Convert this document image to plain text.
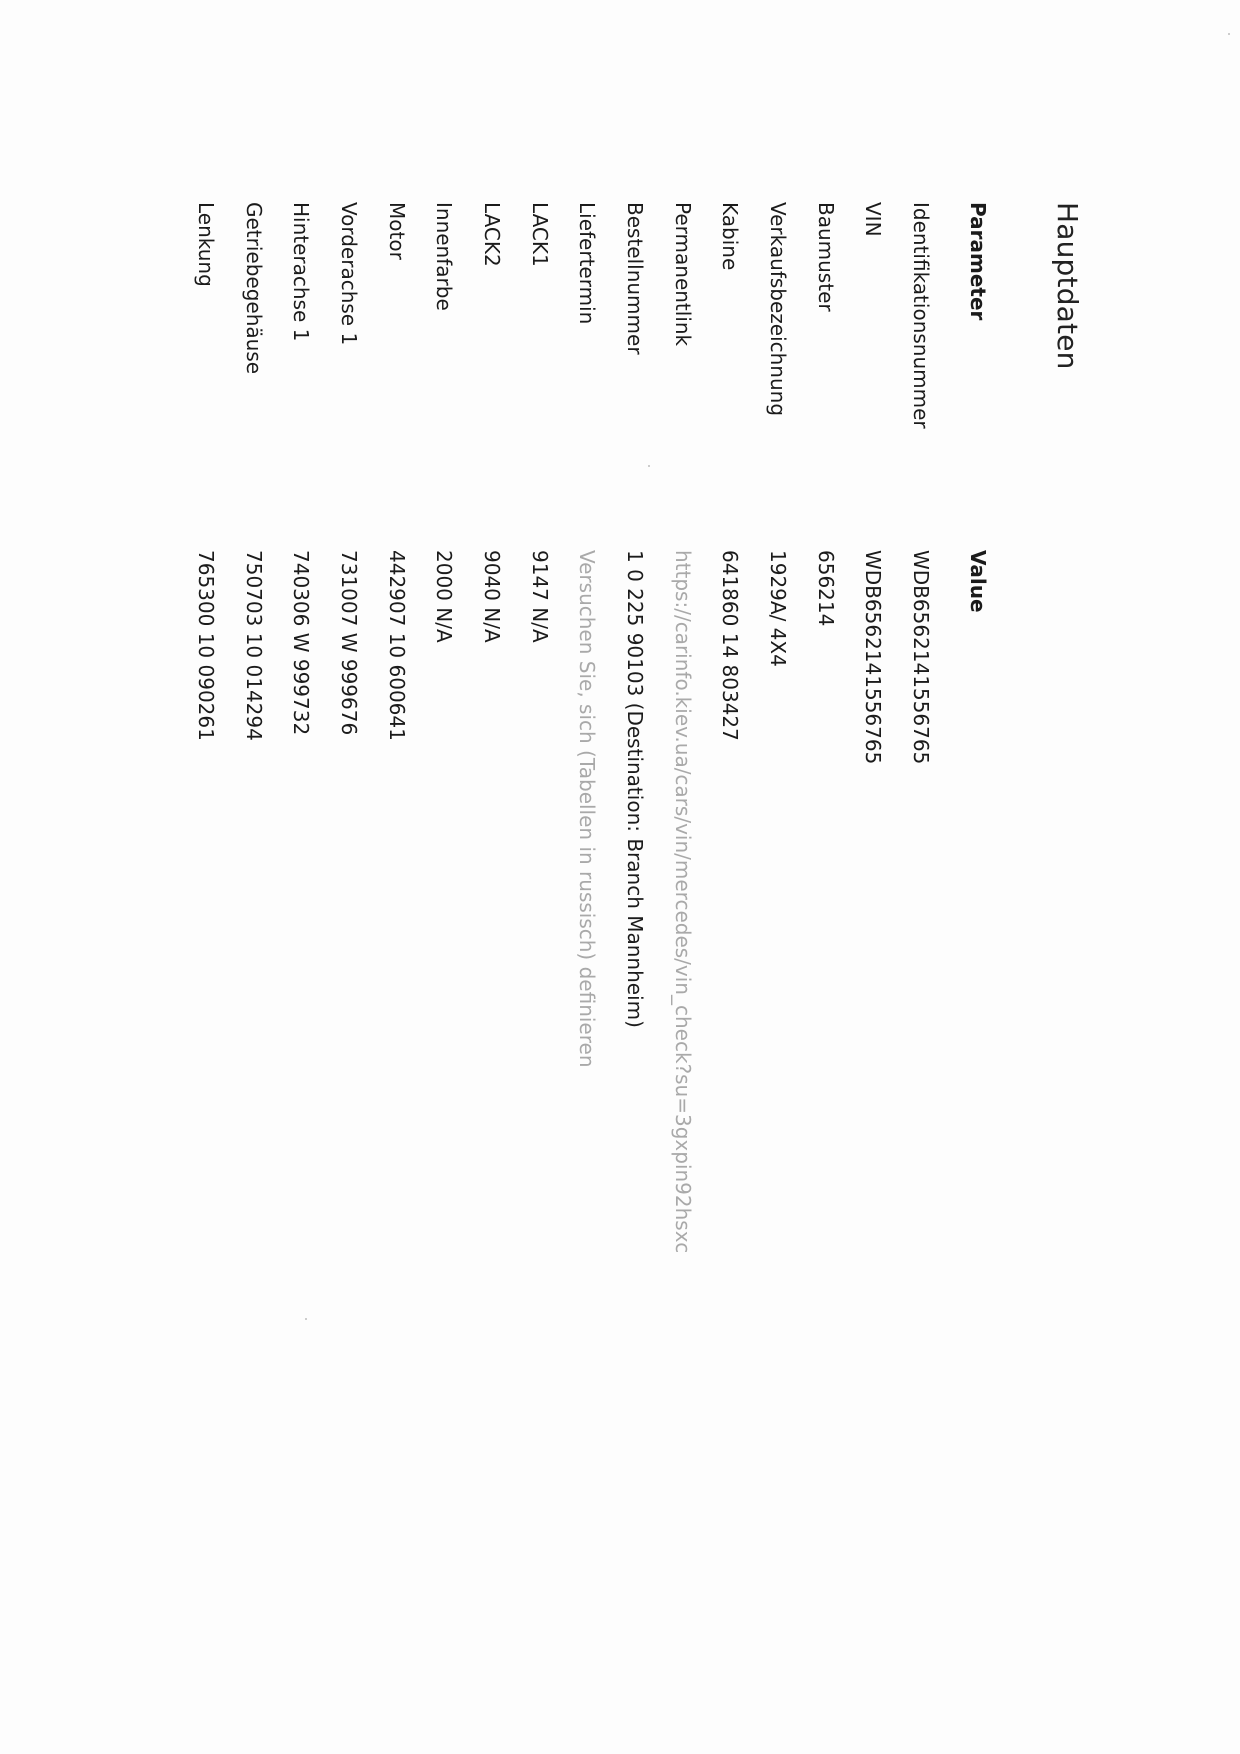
Hauptdaten
Parameter
Value
Identifikationsnummer
WDB6562141556765
VIN
WDB6562141556765
Baumuster
656214
Verkaufsbezeichnung
1929A/ 4X4
Kabine
641860 14 803427
Permanentlink
https://carinfo.kiev.ua/cars/vin/mercedes/vin_check?su=3gxpin92hsxc
Bestellnummer
1 0 225 90103 (Destination: Branch Mannheim)
Liefertermin
Versuchen Sie, sich (Tabellen in russisch) definieren
LACK1
9147 N/A
LACK2
9040 N/A
Innenfarbe
2000 N/A
Motor
442907 10 600641
Vorderachse 1
731007 W 999676
Hinterachse 1
740306 W 999732
Getriebegehäuse
750703 10 014294
Lenkung
765300 10 090261
